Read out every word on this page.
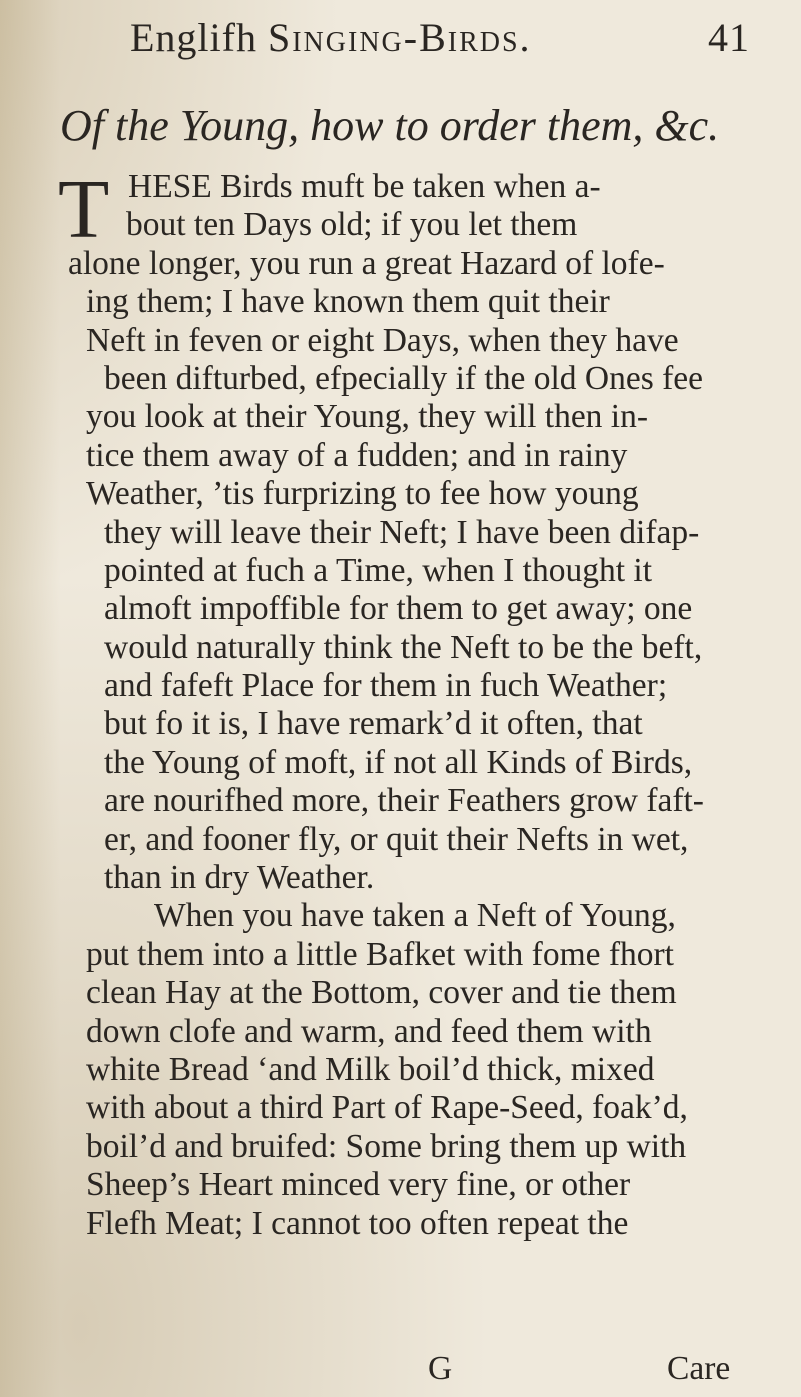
Englifh Singing-Birds.	41
Of the Young, how to order them, &c.
T HESE Birds muft be taken when a-
bout ten Days old; if you let them
alone longer, you run a great Hazard of lofe-
ing them; I have known them quit their
Neft in feven or eight Days, when they have
been difturbed, efpecially if the old Ones fee
you look at their Young, they will then in-
tice them away of a fudden; and in rainy
Weather, ’tis furprizing to fee how young
they will leave their Neft; I have been difap-
pointed at fuch a Time, when I thought it
almoft impoffible for them to get away; one
would naturally think the Neft to be the beft,
and fafeft Place for them in fuch Weather;
but fo it is, I have remark’d it often, that
the Young of moft, if not all Kinds of Birds,
are nourifhed more, their Feathers grow faft-
er, and fooner fly, or quit their Nefts in wet,
than in dry Weather.
When you have taken a Neft of Young,
put them into a little Bafket with fome fhort
clean Hay at the Bottom, cover and tie them
down clofe and warm, and feed them with
white Bread ‘and Milk boil’d thick, mixed
with about a third Part of Rape-Seed, foak’d,
boil’d and bruifed: Some bring them up with
Sheep’s Heart minced very fine, or other
Flefh Meat; I cannot too often repeat the
G	Care
